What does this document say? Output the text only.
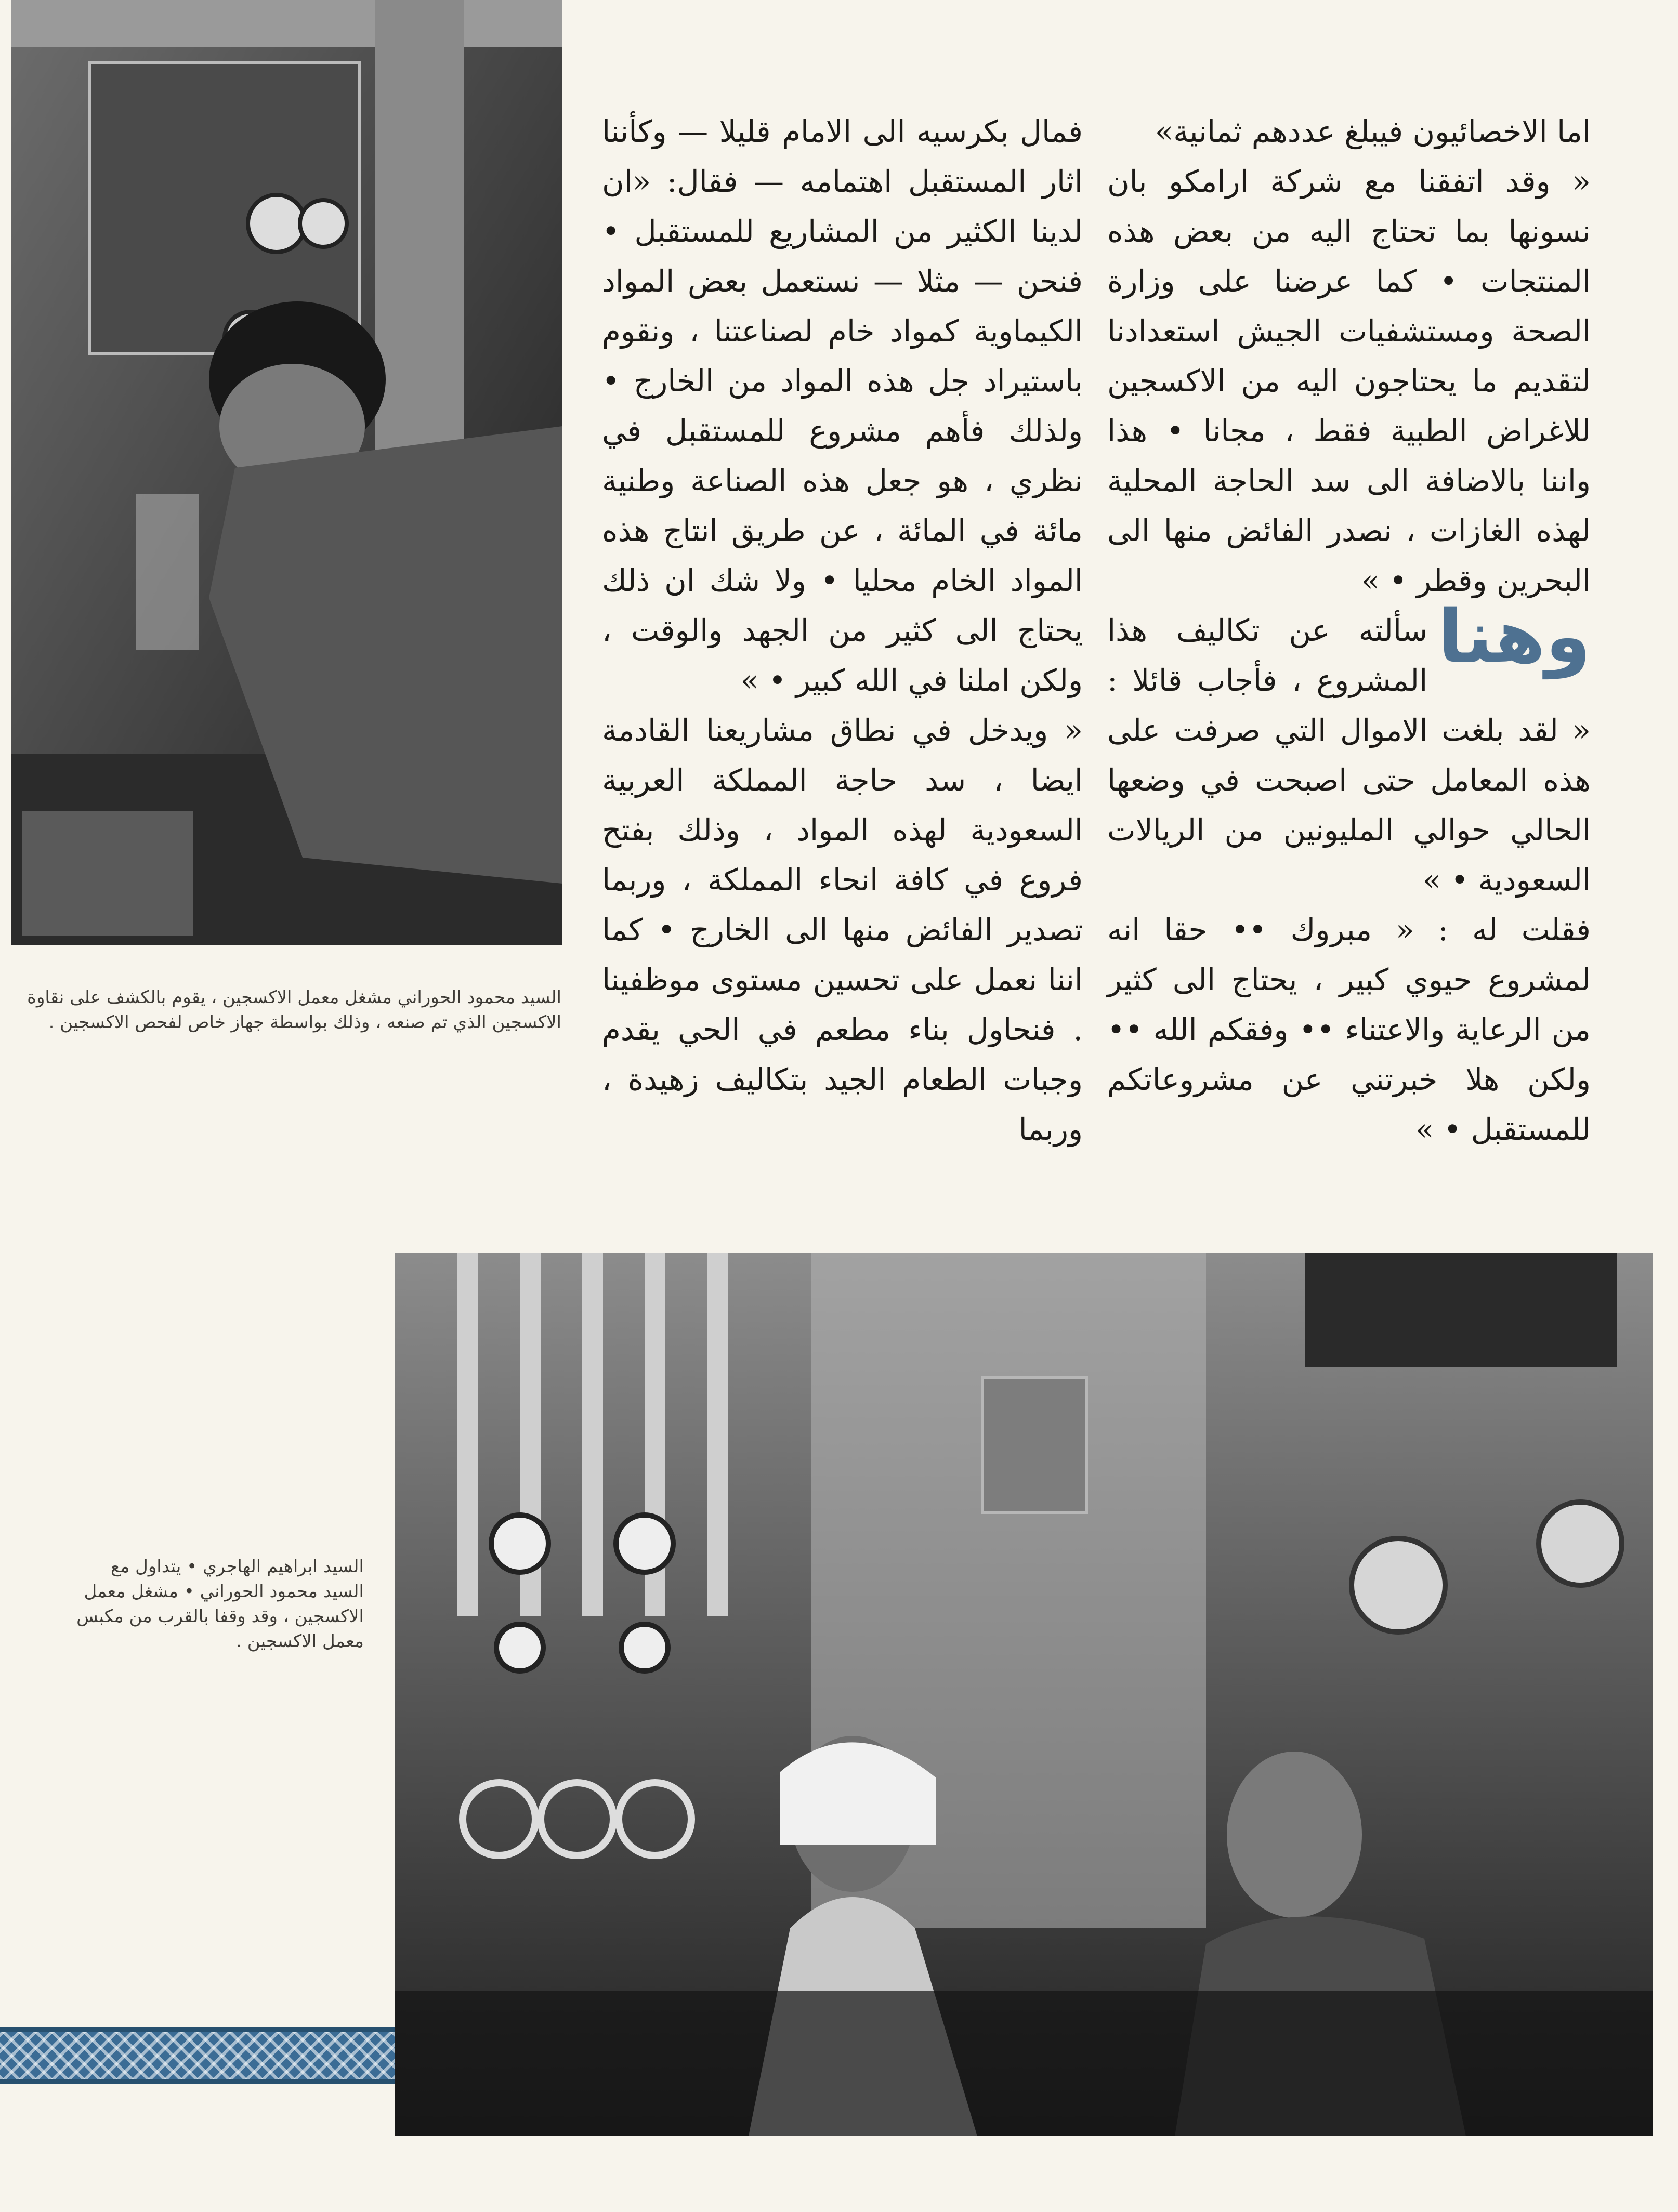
اما الاخصائيون فيبلغ عددهم ثمانية»

« وقد اتفقنا مع شركة ارامكو بان نسونها بما تحتاج اليه من بعض هذه المنتجات • كما عرضنا على وزارة الصحة ومستشفيات الجيش استعدادنا لتقديم ما يحتاجون اليه من الاكسجين للاغراض الطبية فقط ، مجانا • هذا واننا بالاضافة الى سد الحاجة المحلية لهذه الغازات ، نصدر الفائض منها الى البحرين وقطر • »

وهنا
سألته عن تكاليف هذا المشروع ، فأجاب قائلا : « لقد بلغت الاموال التي صرفت على هذه المعامل حتى اصبحت في وضعها الحالي حوالي المليونين من الريالات السعودية • »

فقلت له : « مبروك •• حقا انه لمشروع حيوي كبير ، يحتاج الى كثير من الرعاية والاعتناء •• وفقكم الله •• ولكن هلا خبرتني عن مشروعاتكم للمستقبل • »

فمال بكرسيه الى الامام قليلا — وكأننا اثار المستقبل اهتمامه — فقال: «ان لدينا الكثير من المشاريع للمستقبل • فنحن — مثلا — نستعمل بعض المواد الكيماوية كمواد خام لصناعتنا ، ونقوم باستيراد جل هذه المواد من الخارج • ولذلك فأهم مشروع للمستقبل في نظري ، هو جعل هذه الصناعة وطنية مائة في المائة ، عن طريق انتاج هذه المواد الخام محليا • ولا شك ان ذلك يحتاج الى كثير من الجهد والوقت ، ولكن املنا في الله كبير • »

« ويدخل في نطاق مشاريعنا القادمة ايضا ، سد حاجة المملكة العربية السعودية لهذه المواد ، وذلك بفتح فروع في كافة انحاء المملكة ، وربما تصدير الفائض منها الى الخارج • كما اننا نعمل على تحسين مستوى موظفينا . فنحاول بناء مطعم في الحي يقدم وجبات الطعام الجيد بتكاليف زهيدة ، وربما

السيد محمود الحوراني مشغل معمل الاكسجين ، يقوم بالكشف على نقاوة الاكسجين الذي تم صنعه ، وذلك بواسطة جهاز خاص لفحص الاكسجين .
السيد ابراهيم الهاجري • يتداول مع السيد محمود الحوراني • مشغل معمل الاكسجين ، وقد وقفا بالقرب من مكبس معمل الاكسجين .
